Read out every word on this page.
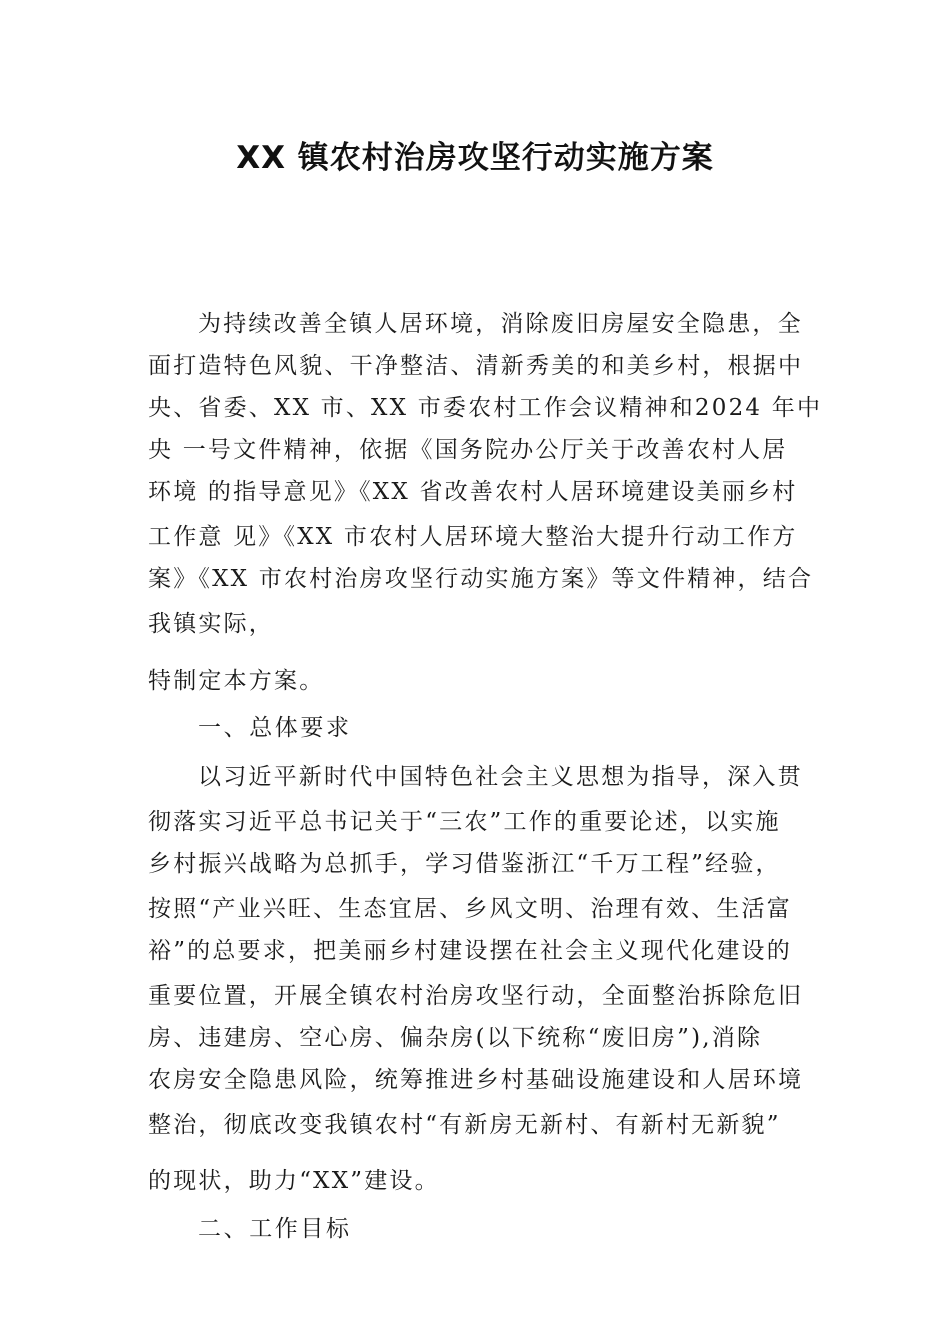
XX 镇农村治房攻坚行动实施方案
为持续改善全镇人居环境，消除废旧房屋安全隐患，全
面打造特色风貌、干净整洁、清新秀美的和美乡村，根据中
央、省委、XX 市、XX 市委农村工作会议精神和2024 年中
央 一号文件精神，依据《国务院办公厅关于改善农村人居
环境 的指导意见》《XX 省改善农村人居环境建设美丽乡村
工作意 见》《XX 市农村人居环境大整治大提升行动工作方
案》《XX 市农村治房攻坚行动实施方案》等文件精神，结合
我镇实际，
特制定本方案。
一、总体要求
以习近平新时代中国特色社会主义思想为指导，深入贯
彻落实习近平总书记关于“三农”工作的重要论述，以实施
乡村振兴战略为总抓手，学习借鉴浙江“千万工程”经验，
按照“产业兴旺、生态宜居、乡风文明、治理有效、生活富
裕”的总要求，把美丽乡村建设摆在社会主义现代化建设的
重要位置，开展全镇农村治房攻坚行动，全面整治拆除危旧
房、违建房、空心房、偏杂房(以下统称“废旧房”),消除
农房安全隐患风险，统筹推进乡村基础设施建设和人居环境
整治，彻底改变我镇农村“有新房无新村、有新村无新貌”
的现状，助力“XX”建设。
二、工作目标
